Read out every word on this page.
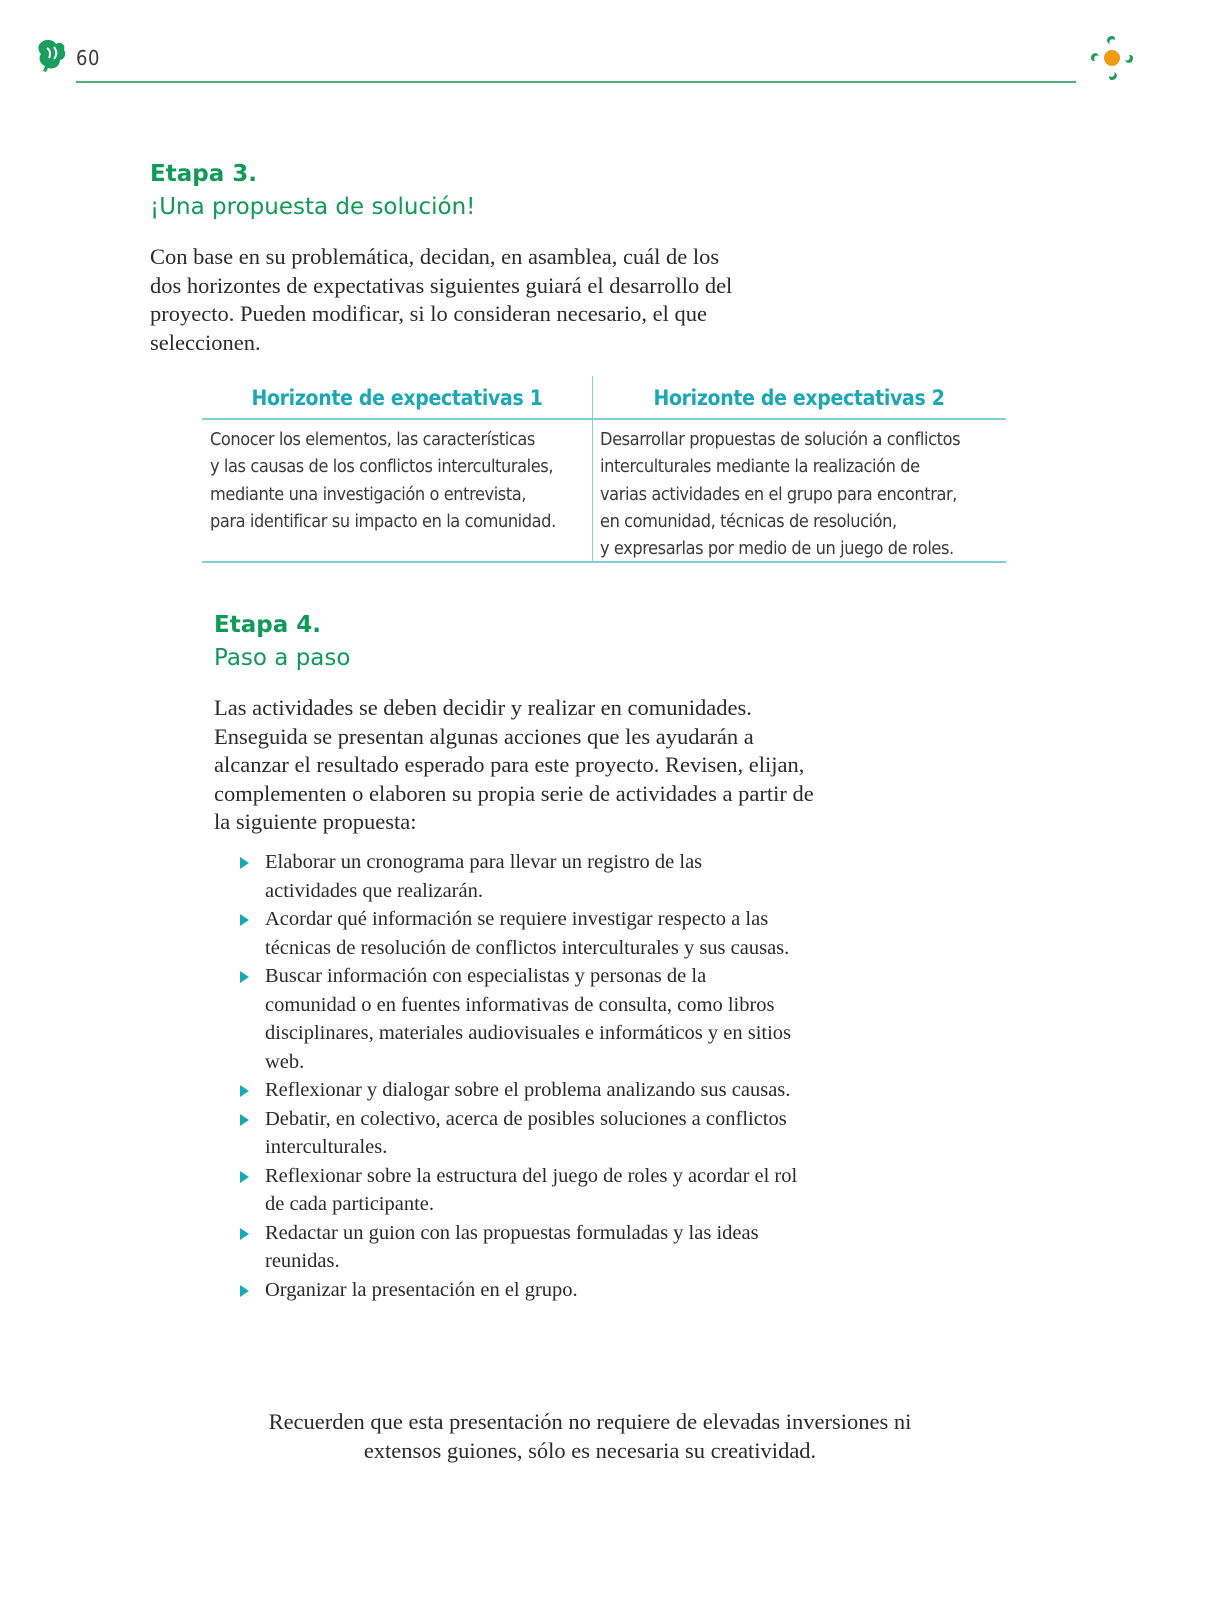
60
Etapa 3.
¡Una propuesta de solución!
Con base en su problemática, decidan, en asamblea, cuál de los dos horizontes de expectativas siguientes guiará el desarrollo del proyecto. Pueden modificar, si lo consideran necesario, el que seleccionen.
Horizonte de expectativas 1
Conocer los elementos, las características
y las causas de los conflictos interculturales,
mediante una investigación o entrevista,
para identificar su impacto en la comunidad.
Horizonte de expectativas 2
Desarrollar propuestas de solución a conflictos
interculturales mediante la realización de
varias actividades en el grupo para encontrar,
en comunidad, técnicas de resolución,
y expresarlas por medio de un juego de roles.
Etapa 4.
Paso a paso
Las actividades se deben decidir y realizar en comunidades. Enseguida se presentan algunas acciones que les ayudarán a alcanzar el resultado esperado para este proyecto. Revisen, elijan, complementen o elaboren su propia serie de actividades a partir de la siguiente propuesta:
Elaborar un cronograma para llevar un registro de las actividades que realizarán.
Acordar qué información se requiere investigar respecto a las técnicas de resolución de conflictos interculturales y sus causas.
Buscar información con especialistas y personas de la comunidad o en fuentes informativas de consulta, como libros disciplinares, materiales audiovisuales e informáticos y en sitios web.
Reflexionar y dialogar sobre el problema analizando sus causas.
Debatir, en colectivo, acerca de posibles soluciones a conflictos interculturales.
Reflexionar sobre la estructura del juego de roles y acordar el rol de cada participante.
Redactar un guion con las propuestas formuladas y las ideas reunidas.
Organizar la presentación en el grupo.
Recuerden que esta presentación no requiere de elevadas inversiones ni extensos guiones, sólo es necesaria su creatividad.
